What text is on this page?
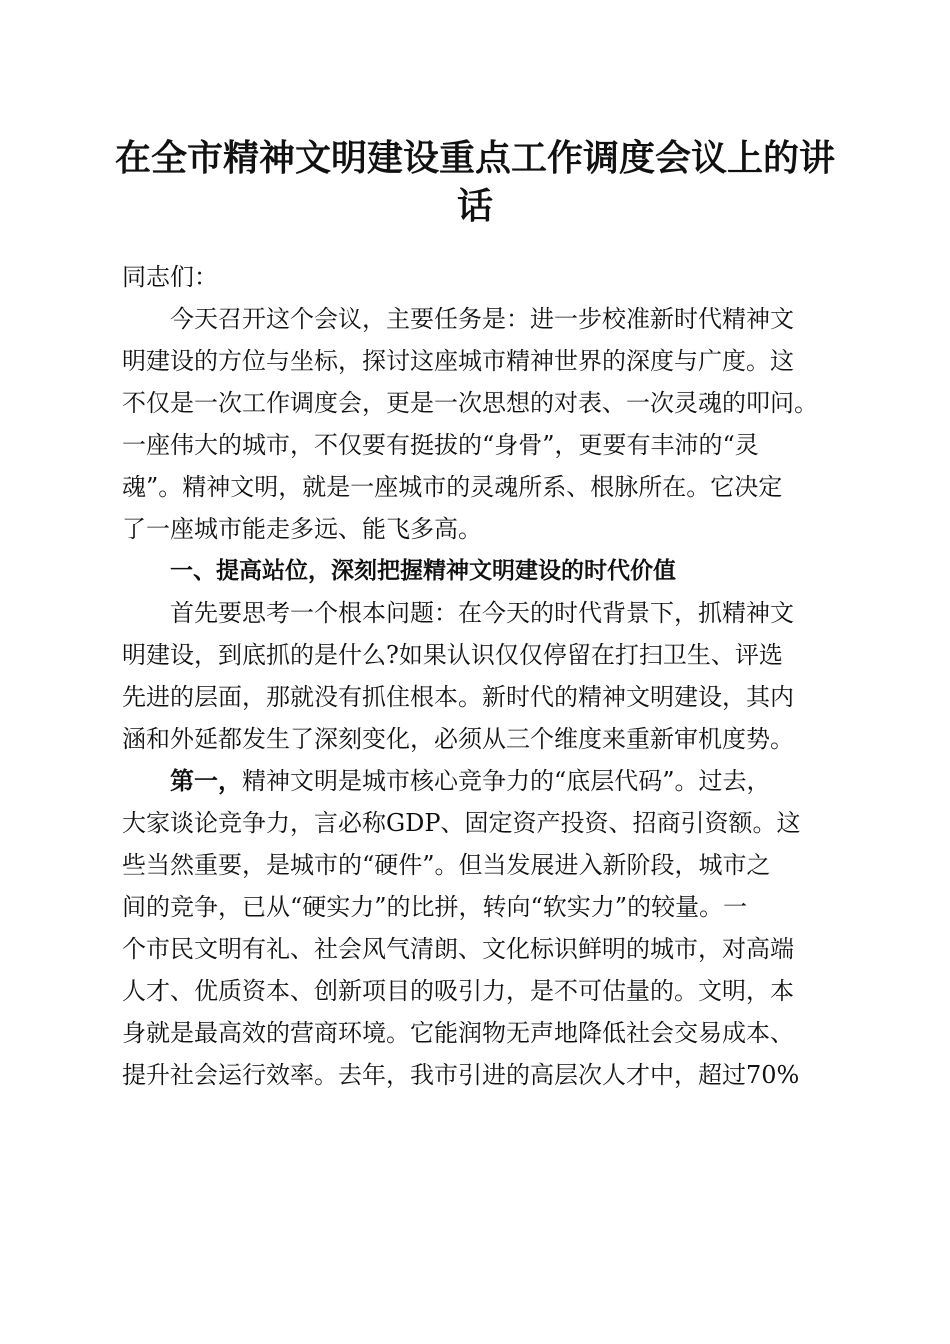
在全市精神文明建设重点工作调度会议上的讲话
同志们：
今天召开这个会议，主要任务是：进一步校准新时代精神文
明建设的方位与坐标，探讨这座城市精神世界的深度与广度。这
不仅是一次工作调度会，更是一次思想的对表、一次灵魂的叩问。
一座伟大的城市，不仅要有挺拔的“身骨”，更要有丰沛的“灵
魂”。精神文明，就是一座城市的灵魂所系、根脉所在。它决定
了一座城市能走多远、能飞多高。
一、提高站位，深刻把握精神文明建设的时代价值
首先要思考一个根本问题：在今天的时代背景下，抓精神文
明建设，到底抓的是什么?如果认识仅仅停留在打扫卫生、评选
先进的层面，那就没有抓住根本。新时代的精神文明建设，其内
涵和外延都发生了深刻变化，必须从三个维度来重新审机度势。
第一，精神文明是城市核心竞争力的“底层代码”。过去，
大家谈论竞争力，言必称GDP、固定资产投资、招商引资额。这
些当然重要，是城市的“硬件”。但当发展进入新阶段，城市之
间的竞争，已从“硬实力”的比拼，转向“软实力”的较量。一
个市民文明有礼、社会风气清朗、文化标识鲜明的城市，对高端
人才、优质资本、创新项目的吸引力，是不可估量的。文明，本
身就是最高效的营商环境。它能润物无声地降低社会交易成本、
提升社会运行效率。去年，我市引进的高层次人才中，超过70%
